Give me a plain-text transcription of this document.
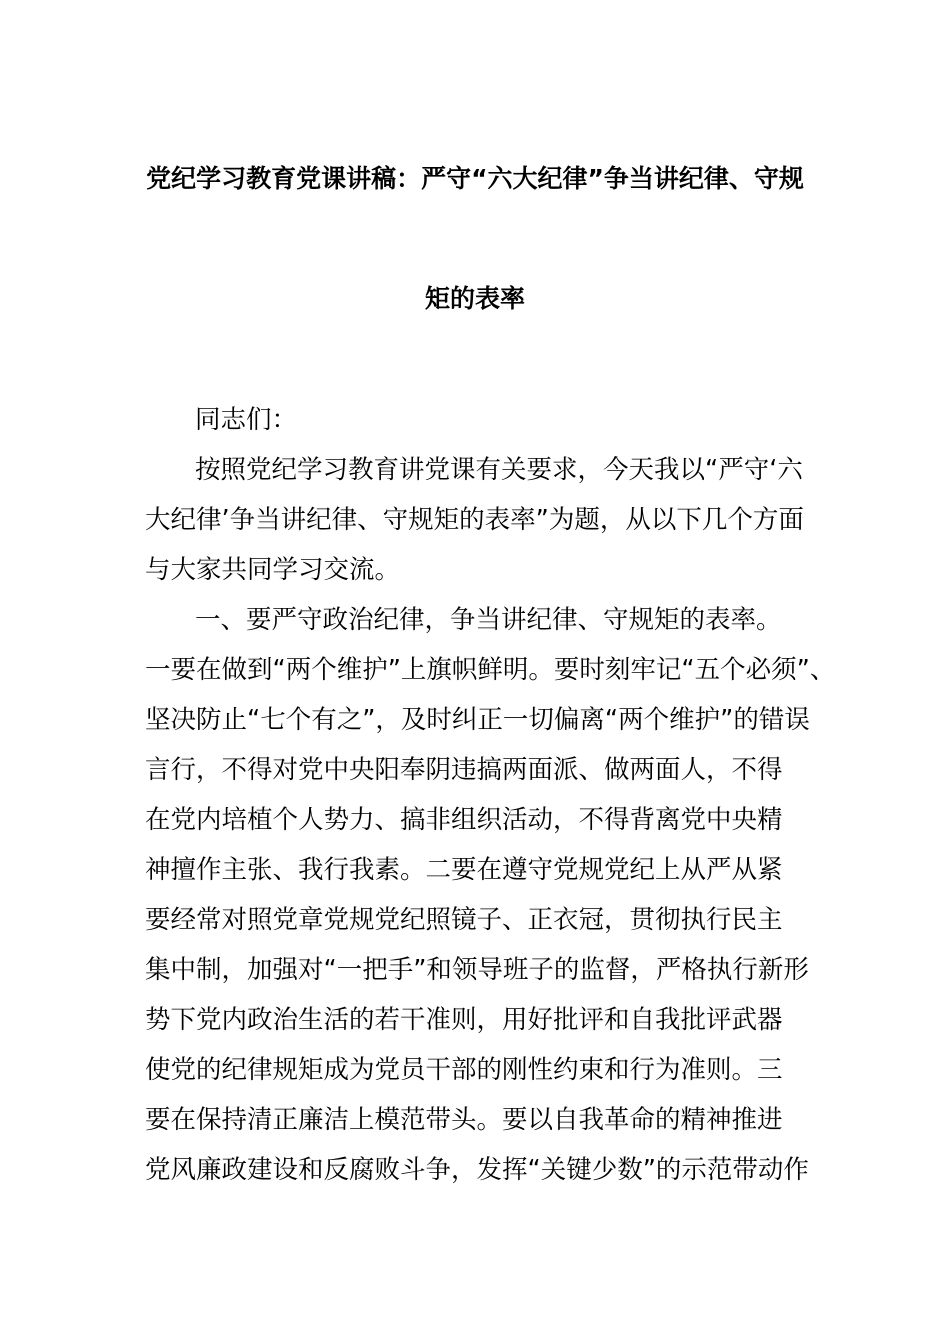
党纪学习教育党课讲稿：严守“六大纪律”争当讲纪律、守规
矩的表率
同志们：
按照党纪学习教育讲党课有关要求，今天我以“严守‘六
大纪律’争当讲纪律、守规矩的表率”为题，从以下几个方面
与大家共同学习交流。
一、要严守政治纪律，争当讲纪律、守规矩的表率。
一要在做到“两个维护”上旗帜鲜明。要时刻牢记“五个必须”、
坚决防止“七个有之”，及时纠正一切偏离“两个维护”的错误
言行，不得对党中央阳奉阴违搞两面派、做两面人，不得
在党内培植个人势力、搞非组织活动，不得背离党中央精
神擅作主张、我行我素。二要在遵守党规党纪上从严从紧
要经常对照党章党规党纪照镜子、正衣冠，贯彻执行民主
集中制，加强对“一把手”和领导班子的监督，严格执行新形
势下党内政治生活的若干准则，用好批评和自我批评武器
使党的纪律规矩成为党员干部的刚性约束和行为准则。三
要在保持清正廉洁上模范带头。要以自我革命的精神推进
党风廉政建设和反腐败斗争，发挥“关键少数”的示范带动作
